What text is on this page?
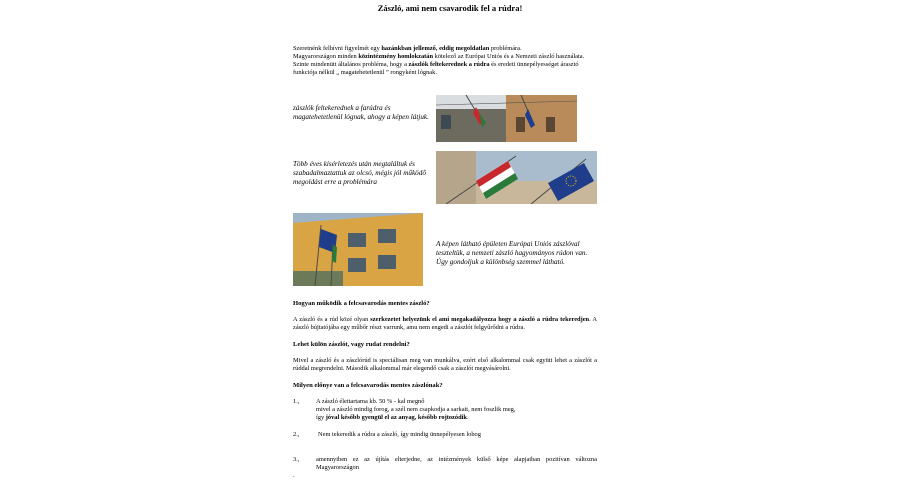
Zászló, ami nem csavarodik fel a rúdra!
Szeretnénk felhívni figyelmét egy hazánkban jellemző, eddig megoldatlan problémára.
Magyarországon minden közintézmény homlokzatán kötelező az Európai Uniós és a Nemzeti zászló használata.
Szinte mindenütt általános probléma, hogy a zászlók feltekerednek a rúdra és eredeti ünnepélyességet árasztó funkciója nélkül „ magatehetetlenül ” rongyként lógnak.
zászlók feltekerednek a farúdra és magatehetetlenül lógnak, ahogy a képen látjuk.
Több éves kísérletezés után megtaláltuk és szabadalmaztattuk az olcsó, mégis jól működő megoldást erre a problémára
A képen látható épületen Európai Uniós zászlóval teszteltük, a nemzeti zászló hagyományos rúdon van. Úgy gondoljuk a különbség szemmel látható.
Hogyan működik a felcsavarodás mentes zászló?
A zászló és a rúd közé olyan szerkezetet helyezünk el ami megakadályozza hogy a zászló a rúdra tekeredjen. A zászló bújtatójába egy műbőr részt varrunk, amu nem engedi a zászlót felgyűrődni a rúdra.
Lehet külön zászlót, vagy rudat rendelni?
Mivel a zászló és a zászlórúd is speciálisan meg van munkálva, ezért első alkalommal csak együtt lehet a zászlót a rúddal megrendelni. Második alkalommal már elegendő csak a zászlót megvásárolni.
Milyen előnye van a felcsavarodás mentes zászlónak?
1.,	A zászló élettartama kb. 50 % - kal megnő
mivel a zászló mindig forog, a szél nem csapkodja a sarkait, nem foszlik meg,
így jóval később gyengül el az anyag, később rojtozódik.
2.,	Nem tekeredik a rúdra a zászló, így mindig ünnepélyesen lobog
3.,	amennyiben ez az újítás elterjedne, az intézmények külső képe alapjaiban pozitívan változna Magyarországon
.
